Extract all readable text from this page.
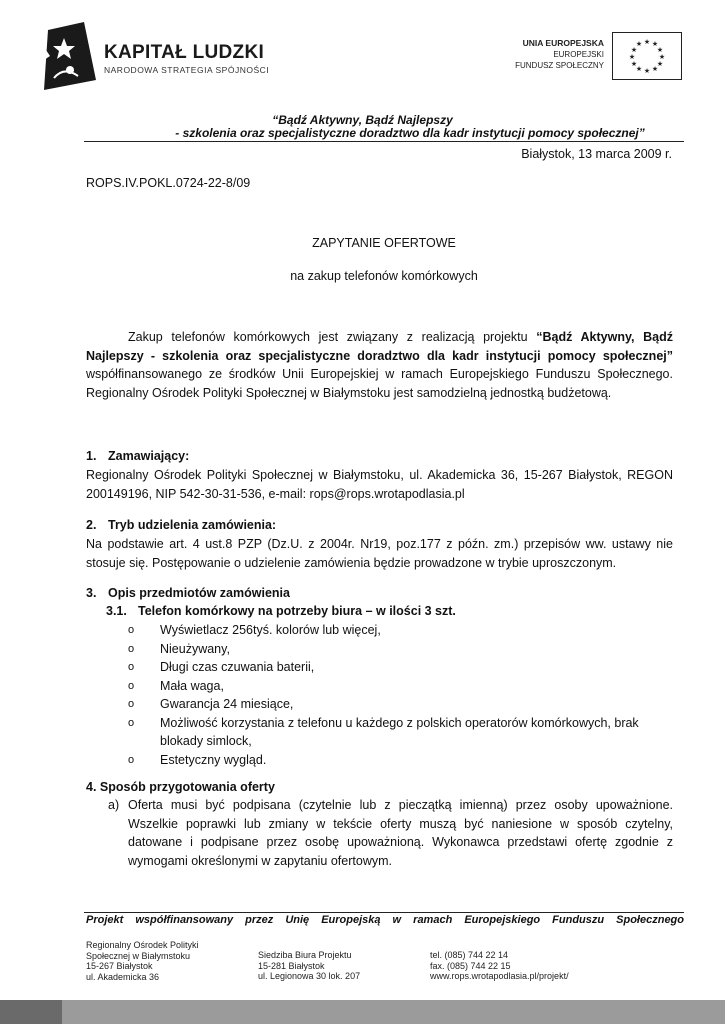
KAPITAŁ LUDZKI
NARODOWA STRATEGIA SPÓJNOŚCI
UNIA EUROPEJSKA
EUROPEJSKI
FUNDUSZ SPOŁECZNY
★ ★
★
★
★
★
★
★
★
★
★
★
“Bądź Aktywny, Bądź Najlepszy
- szkolenia oraz specjalistyczne doradztwo dla kadr instytucji pomocy społecznej”
Białystok, 13 marca 2009 r.
ROPS.IV.POKL.0724-22-8/09
ZAPYTANIE OFERTOWE
na zakup telefonów komórkowych
Zakup telefonów komórkowych jest związany z realizacją projektu “Bądź Aktywny, Bądź Najlepszy - szkolenia oraz specjalistyczne doradztwo dla kadr instytucji pomocy społecznej” współfinansowanego ze środków Unii Europejskiej w ramach Europejskiego Funduszu Społecznego. Regionalny Ośrodek Polityki Społecznej w Białymstoku jest samodzielną jednostką budżetową.
1. Zamawiający:
Regionalny Ośrodek Polityki Społecznej w Białymstoku, ul. Akademicka 36, 15-267 Białystok, REGON 200149196, NIP 542-30-31-536, e-mail: rops@rops.wrotapodlasia.pl
2. Tryb udzielenia zamówienia:
Na podstawie art. 4 ust.8 PZP (Dz.U. z 2004r. Nr19, poz.177 z późn. zm.) przepisów ww. ustawy nie stosuje się. Postępowanie o udzielenie zamówienia będzie prowadzone w trybie uproszczonym.
3. Opis przedmiotów zamówienia
3.1. Telefon komórkowy na potrzeby biura – w ilości 3 szt.
o Wyświetlacz 256tyś. kolorów lub więcej,
o Nieużywany,
o Długi czas czuwania baterii,
o Mała waga,
o Gwarancja 24 miesiące,
o Możliwość korzystania z telefonu u każdego z polskich operatorów komórkowych, brak blokady simlock,
o Estetyczny wygląd.
4. Sposób przygotowania oferty
a) Oferta musi być podpisana (czytelnie lub z pieczątką imienną) przez osoby upoważnione. Wszelkie poprawki lub zmiany w tekście oferty muszą być naniesione w sposób czytelny, datowane i podpisane przez osobę upoważnioną. Wykonawca przedstawi ofertę zgodnie z wymogami określonymi w zapytaniu ofertowym.
Projekt współfinansowany przez Unię Europejską w ramach Europejskiego Funduszu Społecznego
Regionalny Ośrodek Polityki
Społecznej w Białymstoku
15-267 Białystok
ul. Akademicka 36
Siedziba Biura Projektu
15-281 Białystok
ul. Legionowa 30 lok. 207
tel. (085) 744 22 14
fax. (085) 744 22 15
www.rops.wrotapodlasia.pl/projekt/
